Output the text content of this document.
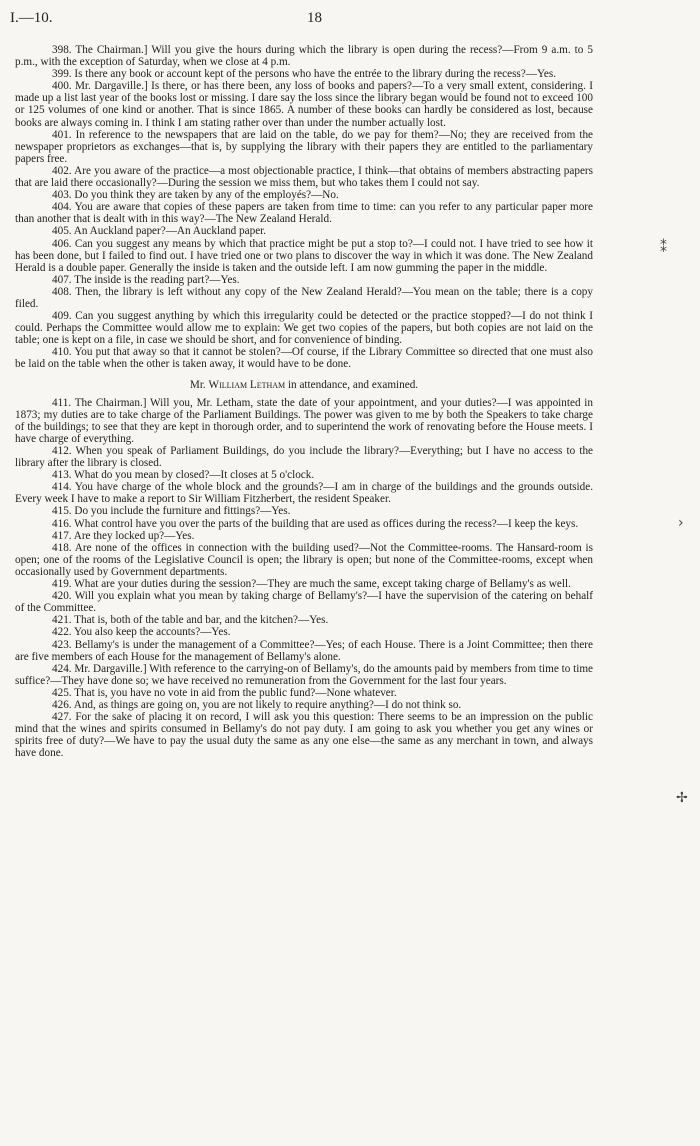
I.—10.	18

398. The Chairman.] Will you give the hours during which the library is open during the recess?—From 9 a.m. to 5 p.m., with the exception of Saturday, when we close at 4 p.m.

399. Is there any book or account kept of the persons who have the entrée to the library during the recess?—Yes.

400. Mr. Dargaville.] Is there, or has there been, any loss of books and papers?—To a very small extent, considering. I made up a list last year of the books lost or missing. I dare say the loss since the library began would be found not to exceed 100 or 125 volumes of one kind or another. That is since 1865. A number of these books can hardly be considered as lost, because books are always coming in. I think I am stating rather over than under the number actually lost.

401. In reference to the newspapers that are laid on the table, do we pay for them?—No; they are received from the newspaper proprietors as exchanges—that is, by supplying the library with their papers they are entitled to the parliamentary papers free.

402. Are you aware of the practice—a most objectionable practice, I think—that obtains of members abstracting papers that are laid there occasionally?—During the session we miss them, but who takes them I could not say.

403. Do you think they are taken by any of the employés?—No.

404. You are aware that copies of these papers are taken from time to time: can you refer to any particular paper more than another that is dealt with in this way?—The New Zealand Herald.

405. An Auckland paper?—An Auckland paper.

406. Can you suggest any means by which that practice might be put a stop to?—I could not. I have tried to see how it has been done, but I failed to find out. I have tried one or two plans to discover the way in which it was done. The New Zealand Herald is a double paper. Generally the inside is taken and the outside left. I am now gumming the paper in the middle.

407. The inside is the reading part?—Yes.

408. Then, the library is left without any copy of the New Zealand Herald?—You mean on the table; there is a copy filed.

409. Can you suggest anything by which this irregularity could be detected or the practice stopped?—I do not think I could. Perhaps the Committee would allow me to explain: We get two copies of the papers, but both copies are not laid on the table; one is kept on a file, in case we should be short, and for convenience of binding.

410. You put that away so that it cannot be stolen?—Of course, if the Library Committee so directed that one must also be laid on the table when the other is taken away, it would have to be done.

Mr. William Letham in attendance, and examined.

411. The Chairman.] Will you, Mr. Letham, state the date of your appointment, and your duties?—I was appointed in 1873; my duties are to take charge of the Parliament Buildings. The power was given to me by both the Speakers to take charge of the buildings; to see that they are kept in thorough order, and to superintend the work of renovating before the House meets. I have charge of everything.

412. When you speak of Parliament Buildings, do you include the library?—Everything; but I have no access to the library after the library is closed.

413. What do you mean by closed?—It closes at 5 o'clock.

414. You have charge of the whole block and the grounds?—I am in charge of the buildings and the grounds outside. Every week I have to make a report to Sir William Fitzherbert, the resident Speaker.

415. Do you include the furniture and fittings?—Yes.

416. What control have you over the parts of the building that are used as offices during the recess?—I keep the keys.

417. Are they locked up?—Yes.

418. Are none of the offices in connection with the building used?—Not the Committee-rooms. The Hansard-room is open; one of the rooms of the Legislative Council is open; the library is open; but none of the Committee-rooms, except when occasionally used by Government departments.

419. What are your duties during the session?—They are much the same, except taking charge of Bellamy's as well.

420. Will you explain what you mean by taking charge of Bellamy's?—I have the supervision of the catering on behalf of the Committee.

421. That is, both of the table and bar, and the kitchen?—Yes.

422. You also keep the accounts?—Yes.

423. Bellamy's is under the management of a Committee?—Yes; of each House. There is a Joint Committee; then there are five members of each House for the management of Bellamy's alone.

424. Mr. Dargaville.] With reference to the carrying-on of Bellamy's, do the amounts paid by members from time to time suffice?—They have done so; we have received no remuneration from the Government for the last four years.

425. That is, you have no vote in aid from the public fund?—None whatever.

426. And, as things are going on, you are not likely to require anything?—I do not think so.

427. For the sake of placing it on record, I will ask you this question: There seems to be an impression on the public mind that the wines and spirits consumed in Bellamy's do not pay duty. I am going to ask you whether you get any wines or spirits free of duty?—We have to pay the usual duty the same as any one else—the same as any merchant in town, and always have done.

⁑
›
✢
